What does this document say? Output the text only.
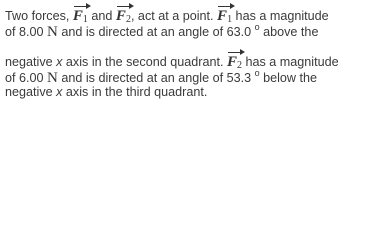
Two forces, $F_1$ and $F_2$, act at a point. $F_1$ has a magnitude
of 8.00 N and is directed at an angle of 63.0 $^o$ above the
negative x axis in the second quadrant. $F_2$ has a magnitude
of 6.00 N and is directed at an angle of 53.3 $^o$ below the
negative x axis in the third quadrant.
